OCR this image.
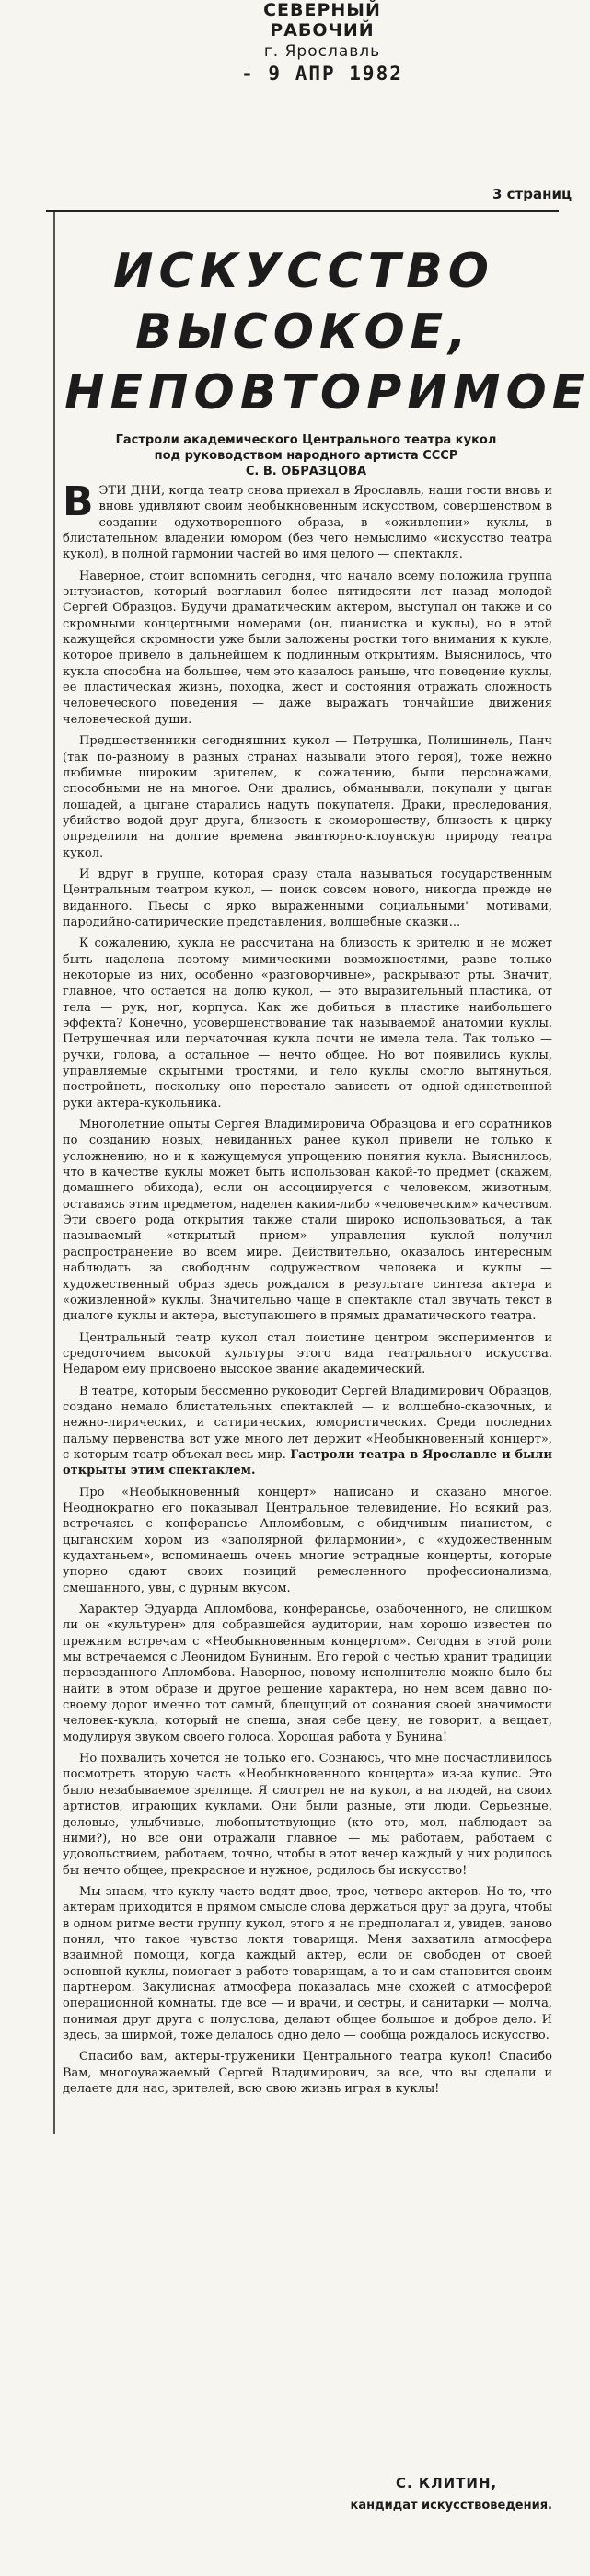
СЕВЕРНЫЙ РАБОЧИЙ
г. Ярославль
- 9 АПР 1982
3 страниц
ИСКУССТВО
ВЫСОКОЕ,
НЕПОВТОРИМОЕ
Гастроли академического Центрального театра кукол
под руководством народного артиста СССР
С. В. ОБРАЗЦОВА

ВЭТИ ДНИ, когда театр снова приехал в Ярославль, наши гости вновь и вновь удивляют своим необыкновенным искусством, совершенством в создании одухотворенного образа, в «оживлении» куклы, в блистательном владении юмором (без чего немыслимо «искусство театра кукол), в полной гармонии частей во имя целого — спектакля.

Наверное, стоит вспомнить сегодня, что начало всему положила группа энтузиастов, который возглавил более пятидесяти лет назад молодой Сергей Образцов. Будучи драматическим актером, выступал он также и со скромными концертными номерами (он, пианистка и куклы), но в этой кажущейся скромности уже были заложены ростки того внимания к кукле, которое привело в дальнейшем к подлинным открытиям. Выяснилось, что кукла способна на большее, чем это казалось раньше, что поведение куклы, ее пластическая жизнь, походка, жест и состояния отражать сложность человеческого поведения — даже выражать тончайшие движения человеческой души.

Предшественники сегодняшних кукол — Петрушка, Полишинель, Панч (так по-разному в разных странах называли этого героя), тоже нежно любимые широким зрителем, к сожалению, были персонажами, способными не на многое. Они дрались, обманывали, покупали у цыган лошадей, а цыгане старались надуть покупателя. Драки, преследования, убийство водой друг друга, близость к скоморошеству, близость к цирку определили на долгие времена эвантюрно-клоунскую природу театра кукол.

И вдруг в группе, которая сразу стала называться государственным Центральным театром кукол, — поиск совсем нового, никогда прежде не виданного. Пьесы с ярко выраженными социальными" мотивами, пародийно-сатирические представления, волшебные сказки...

К сожалению, кукла не рассчитана на близость к зрителю и не может быть наделена поэтому мимическими возможностями, разве только некоторые из них, особенно «разговорчивые», раскрывают рты. Значит, главное, что остается на долю кукол, — это выразительный пластика, от тела — рук, ног, корпуса. Как же добиться в пластике наибольшего эффекта? Конечно, усовершенствование так называемой анатомии куклы. Петрушечная или перчаточная кукла почти не имела тела. Так только — ручки, голова, а остальное — нечто общее. Но вот появились куклы, управляемые скрытыми тростями, и тело куклы смогло вытянуться, постройнеть, поскольку оно перестало зависеть от одной-единственной руки актера-кукольника.

Многолетние опыты Сергея Владимировича Образцова и его соратников по созданию новых, невиданных ранее кукол привели не только к усложнению, но и к кажущемуся упрощению понятия кукла. Выяснилось, что в качестве куклы может быть использован какой-то предмет (скажем, домашнего обихода), если он ассоциируется с человеком, животным, оставаясь этим предметом, наделен каким-либо «человеческим» качеством. Эти своего рода открытия также стали широко использоваться, а так называемый «открытый прием» управления куклой получил распространение во всем мире. Действительно, оказалось интересным наблюдать за свободным содружеством человека и куклы — художественный образ здесь рождался в результате синтеза актера и «оживленной» куклы. Значительно чаще в спектакле стал звучать текст в диалоге куклы и актера, выступающего в прямых драматического театра.

Центральный театр кукол стал поистине центром экспериментов и средоточием высокой культуры этого вида театрального искусства. Недаром ему присвоено высокое звание академический.

В театре, которым бессменно руководит Сергей Владимирович Образцов, создано немало блистательных спектаклей — и волшебно-сказочных, и нежно-лирических, и сатирических, юмористических. Среди последних пальму первенства вот уже много лет держит «Необыкновенный концерт», с которым театр объехал весь мир. Гастроли театра в Ярославле и были открыты этим спектаклем.

Про «Необыкновенный концерт» написано и сказано многое. Неоднократно его показывал Центральное телевидение. Но всякий раз, встречаясь с конферансье Апломбовым, с обидчивым пианистом, с цыганским хором из «заполярной филармонии», с «художественным кудахтаньем», вспоминаешь очень многие эстрадные концерты, которые упорно сдают своих позиций ремесленного профессионализма, смешанного, увы, с дурным вкусом.

Характер Эдуарда Апломбова, конферансье, озабоченного, не слишком ли он «культурен» для собравшейся аудитории, нам хорошо известен по прежним встречам с «Необыкновенным концертом». Сегодня в этой роли мы встречаемся с Леонидом Буниным. Его герой с честью хранит традиции первозданного Апломбова. Наверное, новому исполнителю можно было бы найти в этом образе и другое решение характера, но нем всем давно по-своему дорог именно тот самый, блещущий от сознания своей значимости человек-кукла, который не спеша, зная себе цену, не говорит, а вещает, модулируя звуком своего голоса. Хорошая работа у Бунина!

Но похвалить хочется не только его. Сознаюсь, что мне посчастливилось посмотреть вторую часть «Необыкновенного концерта» из-за кулис. Это было незабываемое зрелище. Я смотрел не на кукол, а на людей, на своих артистов, играющих куклами. Они были разные, эти люди. Серьезные, деловые, улыбчивые, любопытствующие (кто это, мол, наблюдает за ними?), но все они отражали главное — мы работаем, работаем с удовольствием, работаем, точно, чтобы в этот вечер каждый у них родилось бы нечто общее, прекрасное и нужное, родилось бы искусство!

Мы знаем, что куклу часто водят двое, трое, четверо актеров. Но то, что актерам приходится в прямом смысле слова держаться друг за друга, чтобы в одном ритме вести группу кукол, этого я не предполагал и, увидев, заново понял, что такое чувство локтя товарищя. Меня захватила атмосфера взаимной помощи, когда каждый актер, если он свободен от своей основной куклы, помогает в работе товарищам, а то и сам становится своим партнером. Закулисная атмосфера показалась мне схожей с атмосферой операционной комнаты, где все — и врачи, и сестры, и санитарки — молча, понимая друг друга с полуслова, делают общее большое и доброе дело. И здесь, за ширмой, тоже делалось одно дело — сообща рождалось искусство.

Спасибо вам, актеры-труженики Центрального театра кукол! Спасибо Вам, многоуважаемый Сергей Владимирович, за все, что вы сделали и делаете для нас, зрителей, всю свою жизнь играя в куклы!

С. КЛИТИН,
кандидат искусствоведения.
